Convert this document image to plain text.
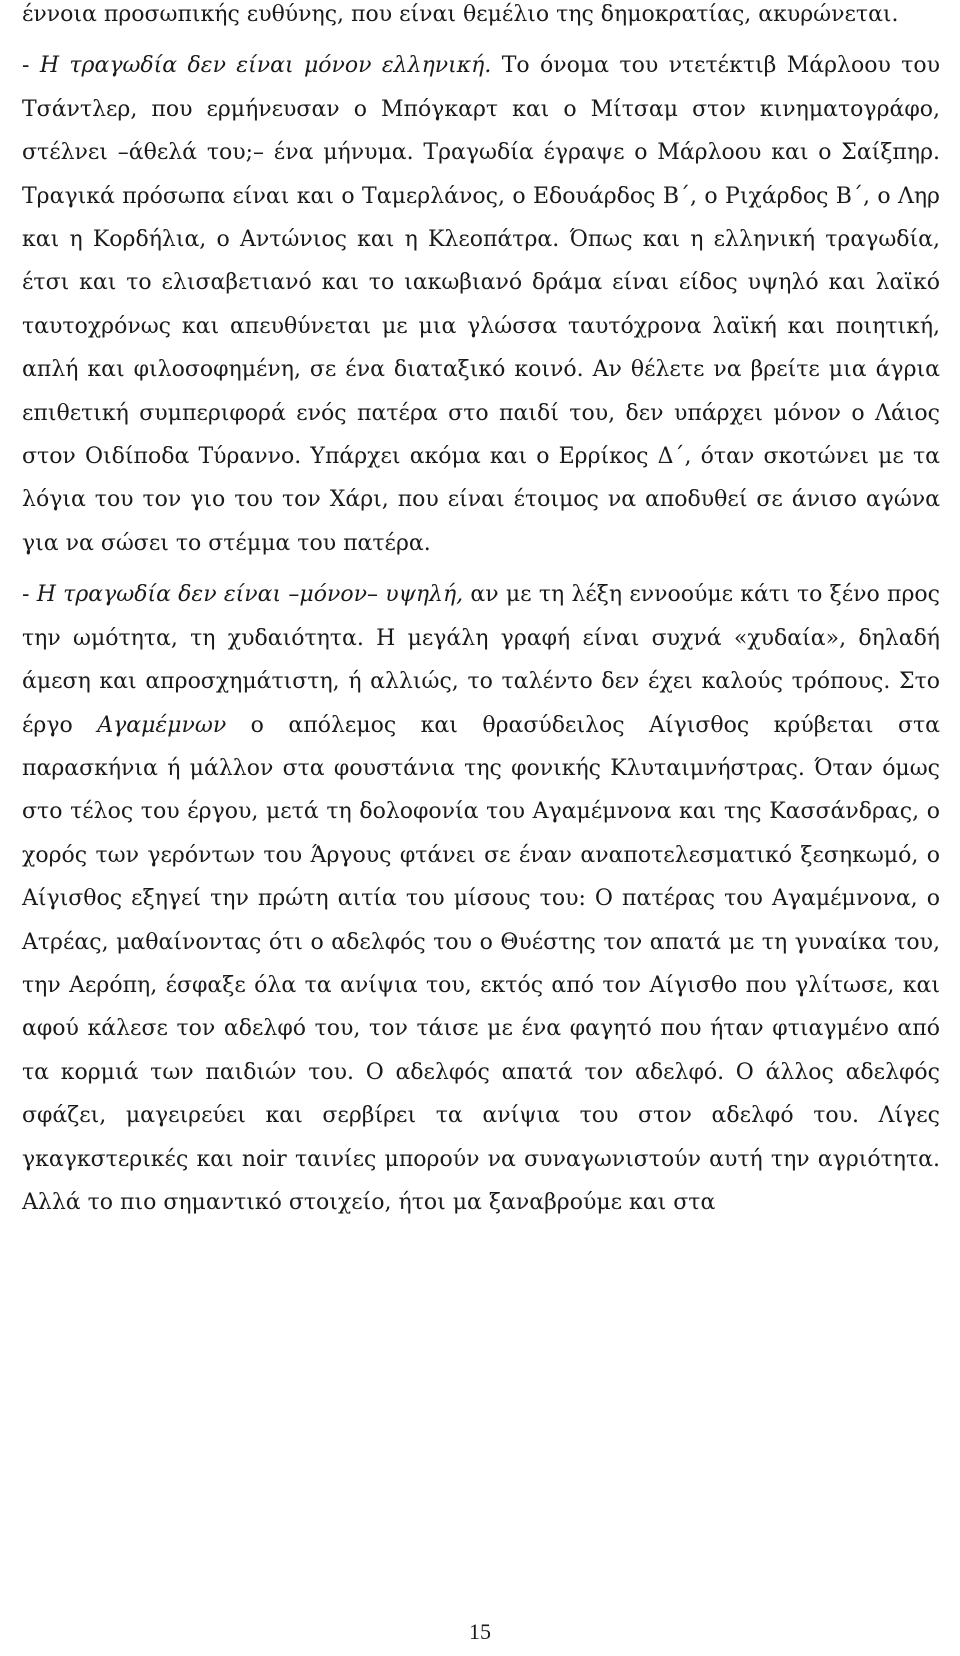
έννοια προσωπικής ευθύνης, που είναι θεμέλιο της δημοκρατίας, ακυρώνεται.

- Η τραγωδία δεν είναι μόνον ελληνική. Το όνομα του ντετέκτιβ Μάρλοου του Τσάντλερ, που ερμήνευσαν ο Μπόγκαρτ και ο Μίτσαμ στον κινηματογράφο, στέλνει –άθελά του;– ένα μήνυμα. Τραγωδία έγραψε ο Μάρλοου και ο Σαίξπηρ. Τραγικά πρόσωπα είναι και ο Ταμερλάνος, ο Εδουάρδος Β΄, ο Ριχάρδος Β΄, ο Ληρ και η Κορδήλια, ο Αντώνιος και η Κλεοπάτρα. Όπως και η ελληνική τραγωδία, έτσι και το ελισαβετιανό και το ιακωβιανό δράμα είναι είδος υψηλό και λαϊκό ταυτοχρόνως και απευθύνεται με μια γλώσσα ταυτόχρονα λαϊκή και ποιητική, απλή και φιλοσοφημένη, σε ένα διαταξικό κοινό. Αν θέλετε να βρείτε μια άγρια επιθετική συμπεριφορά ενός πατέρα στο παιδί του, δεν υπάρχει μόνον ο Λάιος στον Οιδίποδα Τύραννο. Υπάρχει ακόμα και ο Ερρίκος Δ΄, όταν σκοτώνει με τα λόγια του τον γιο του τον Χάρι, που είναι έτοιμος να αποδυθεί σε άνισο αγώνα για να σώσει το στέμμα του πατέρα.

- Η τραγωδία δεν είναι –μόνον– υψηλή, αν με τη λέξη εννοούμε κάτι το ξένο προς την ωμότητα, τη χυδαιότητα. Η μεγάλη γραφή είναι συχνά «χυδαία», δηλαδή άμεση και απροσχημάτιστη, ή αλλιώς, το ταλέντο δεν έχει καλούς τρόπους. Στο έργο Αγαμέμνων ο απόλεμος και θρασύδειλος Αίγισθος κρύβεται στα παρασκήνια ή μάλλον στα φουστάνια της φονικής Κλυταιμνήστρας. Όταν όμως στο τέλος του έργου, μετά τη δολοφονία του Αγαμέμνονα και της Κασσάνδρας, ο χορός των γερόντων του Άργους φτάνει σε έναν αναποτελεσματικό ξεσηκωμό, ο Αίγισθος εξηγεί την πρώτη αιτία του μίσους του: Ο πατέρας του Αγαμέμνονα, ο Ατρέας, μαθαίνοντας ότι ο αδελφός του ο Θυέστης τον απατά με τη γυναίκα του, την Αερόπη, έσφαξε όλα τα ανίψια του, εκτός από τον Αίγισθο που γλίτωσε, και αφού κάλεσε τον αδελφό του, τον τάισε με ένα φαγητό που ήταν φτιαγμένο από τα κορμιά των παιδιών του. Ο αδελφός απατά τον αδελφό. Ο άλλος αδελφός σφάζει, μαγειρεύει και σερβίρει τα ανίψια του στον αδελφό του. Λίγες γκαγκστερικές και noir ταινίες μπορούν να συναγωνιστούν αυτή την αγριότητα. Αλλά το πιο σημαντικό στοιχείο, ήτοι μα ξαναβρούμε και στα

15
